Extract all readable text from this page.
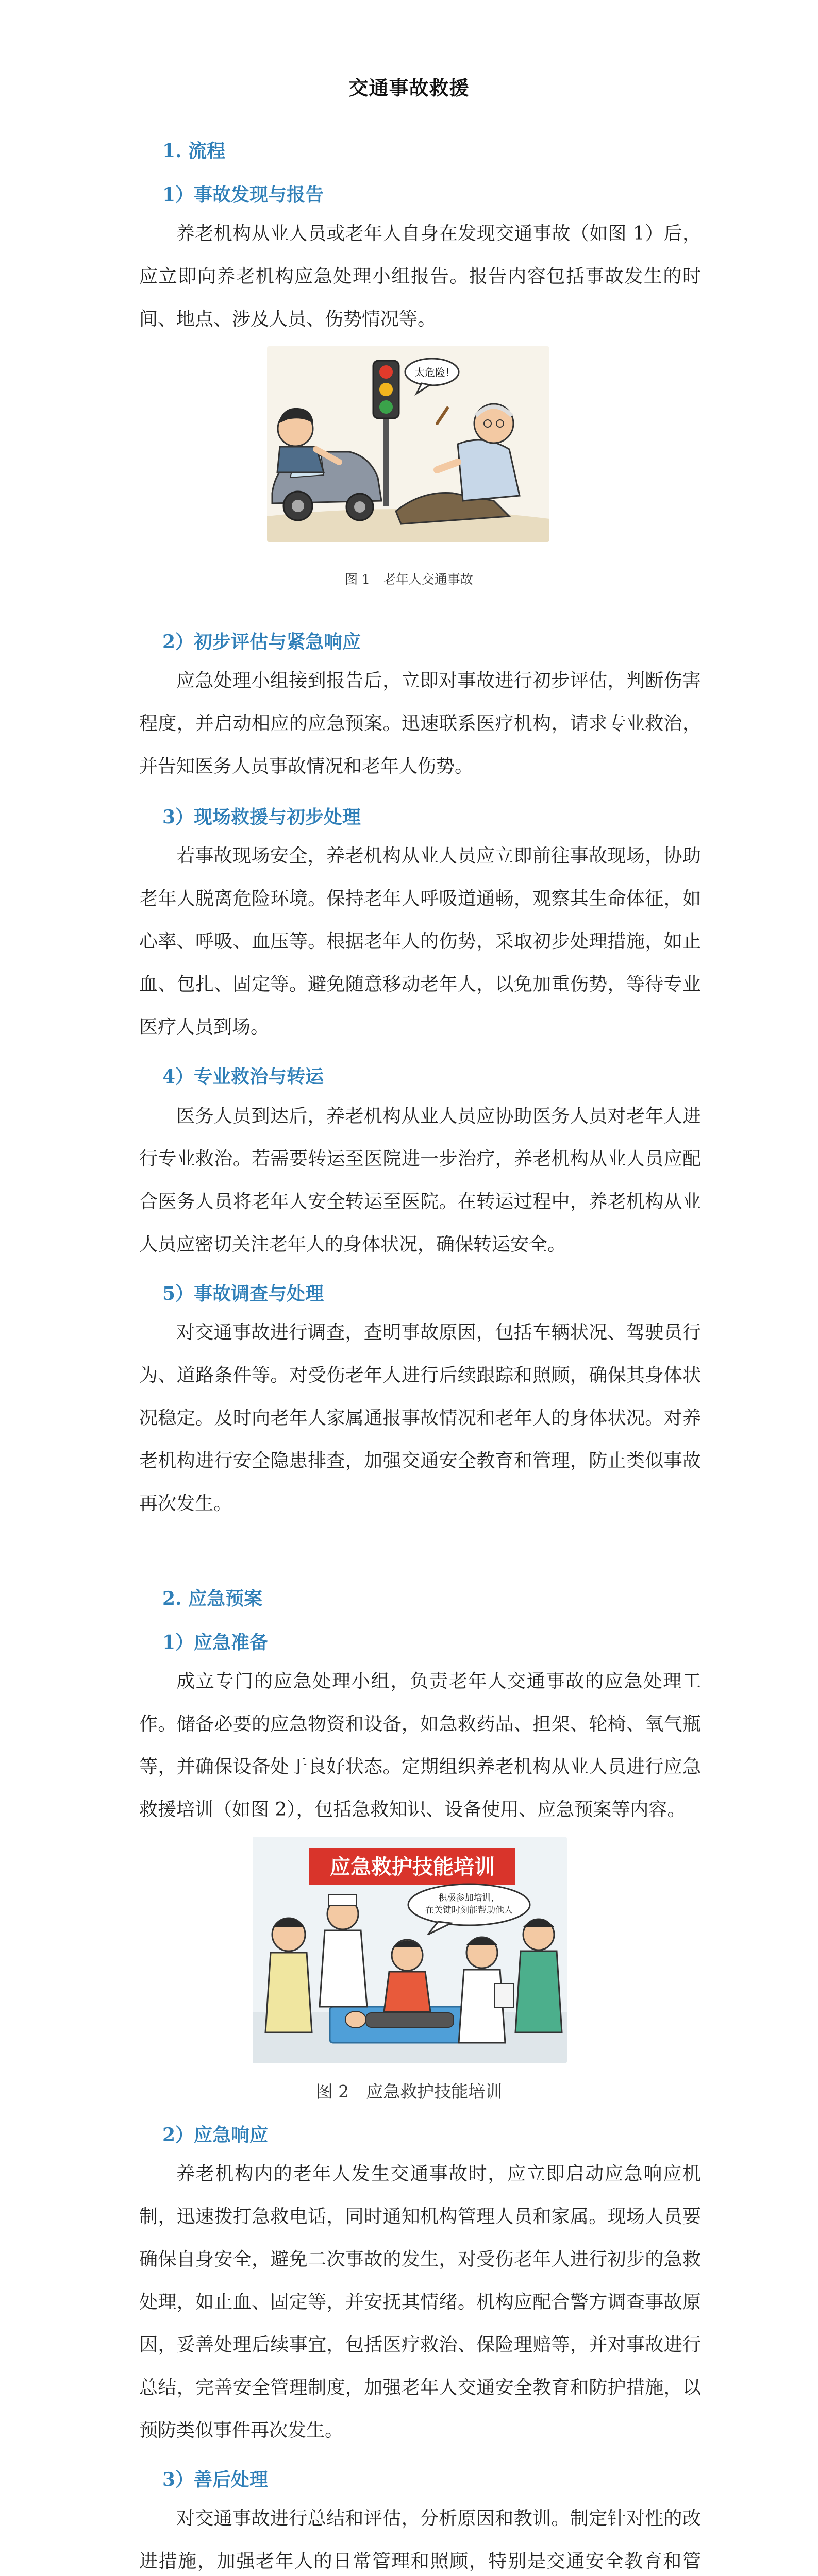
交通事故救援
1. 流程
1）事故发现与报告
养老机构从业人员或老年人自身在发现交通事故（如图 1）后，应立即向养老机构应急处理小组报告。报告内容包括事故发生的时间、地点、涉及人员、伤势情况等。
太危险!
图 1　老年人交通事故
2）初步评估与紧急响应
应急处理小组接到报告后，立即对事故进行初步评估，判断伤害程度，并启动相应的应急预案。迅速联系医疗机构，请求专业救治，并告知医务人员事故情况和老年人伤势。
3）现场救援与初步处理
若事故现场安全，养老机构从业人员应立即前往事故现场，协助老年人脱离危险环境。保持老年人呼吸道通畅，观察其生命体征，如心率、呼吸、血压等。根据老年人的伤势，采取初步处理措施，如止血、包扎、固定等。避免随意移动老年人，以免加重伤势，等待专业医疗人员到场。
4）专业救治与转运
医务人员到达后，养老机构从业人员应协助医务人员对老年人进行专业救治。若需要转运至医院进一步治疗，养老机构从业人员应配合医务人员将老年人安全转运至医院。在转运过程中，养老机构从业人员应密切关注老年人的身体状况，确保转运安全。
5）事故调查与处理
对交通事故进行调查，查明事故原因，包括车辆状况、驾驶员行为、道路条件等。对受伤老年人进行后续跟踪和照顾，确保其身体状况稳定。及时向老年人家属通报事故情况和老年人的身体状况。对养老机构进行安全隐患排查，加强交通安全教育和管理，防止类似事故再次发生。
2. 应急预案
1）应急准备
成立专门的应急处理小组，负责老年人交通事故的应急处理工作。储备必要的应急物资和设备，如急救药品、担架、轮椅、氧气瓶等，并确保设备处于良好状态。定期组织养老机构从业人员进行应急救援培训（如图 2），包括急救知识、设备使用、应急预案等内容。
应急救护技能培训
积极参加培训，
在关键时刻能帮助他人
图 2　应急救护技能培训
2）应急响应
养老机构内的老年人发生交通事故时，应立即启动应急响应机制，迅速拨打急救电话，同时通知机构管理人员和家属。现场人员要确保自身安全，避免二次事故的发生，对受伤老年人进行初步的急救处理，如止血、固定等，并安抚其情绪。机构应配合警方调查事故原因，妥善处理后续事宜，包括医疗救治、保险理赔等，并对事故进行总结，完善安全管理制度，加强老年人交通安全教育和防护措施，以预防类似事件再次发生。
3）善后处理
对交通事故进行总结和评估，分析原因和教训。制定针对性的改进措施，加强老年人的日常管理和照顾，特别是交通安全教育和管
